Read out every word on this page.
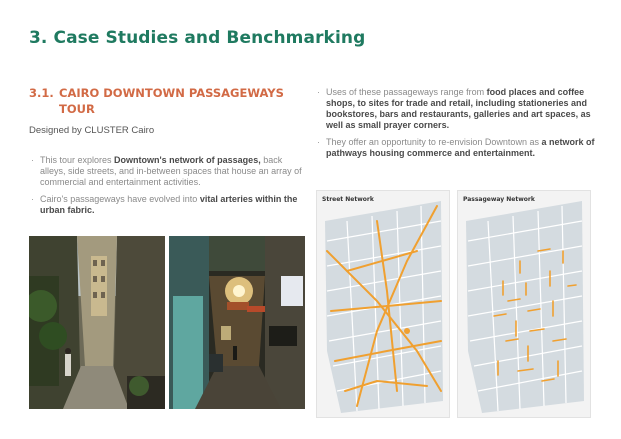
3. Case Studies and Benchmarking
3.1. CAIRO DOWNTOWN PASSAGEWAYS TOUR
Designed by CLUSTER Cairo
· This tour explores Downtown's network of passages, back alleys, side streets, and in-between spaces that house an array of commercial and entertainment activities.
· Cairo's passageways have evolved into vital arteries within the urban fabric.
· Uses of these passageways range from food places and coffee shops, to sites for trade and retail, including stationeries and bookstores, bars and restaurants, galleries and art spaces, as well as small prayer corners.
· They offer an opportunity to re-envision Downtown as a network of pathways housing commerce and entertainment.
Street Network	Passageway Network
